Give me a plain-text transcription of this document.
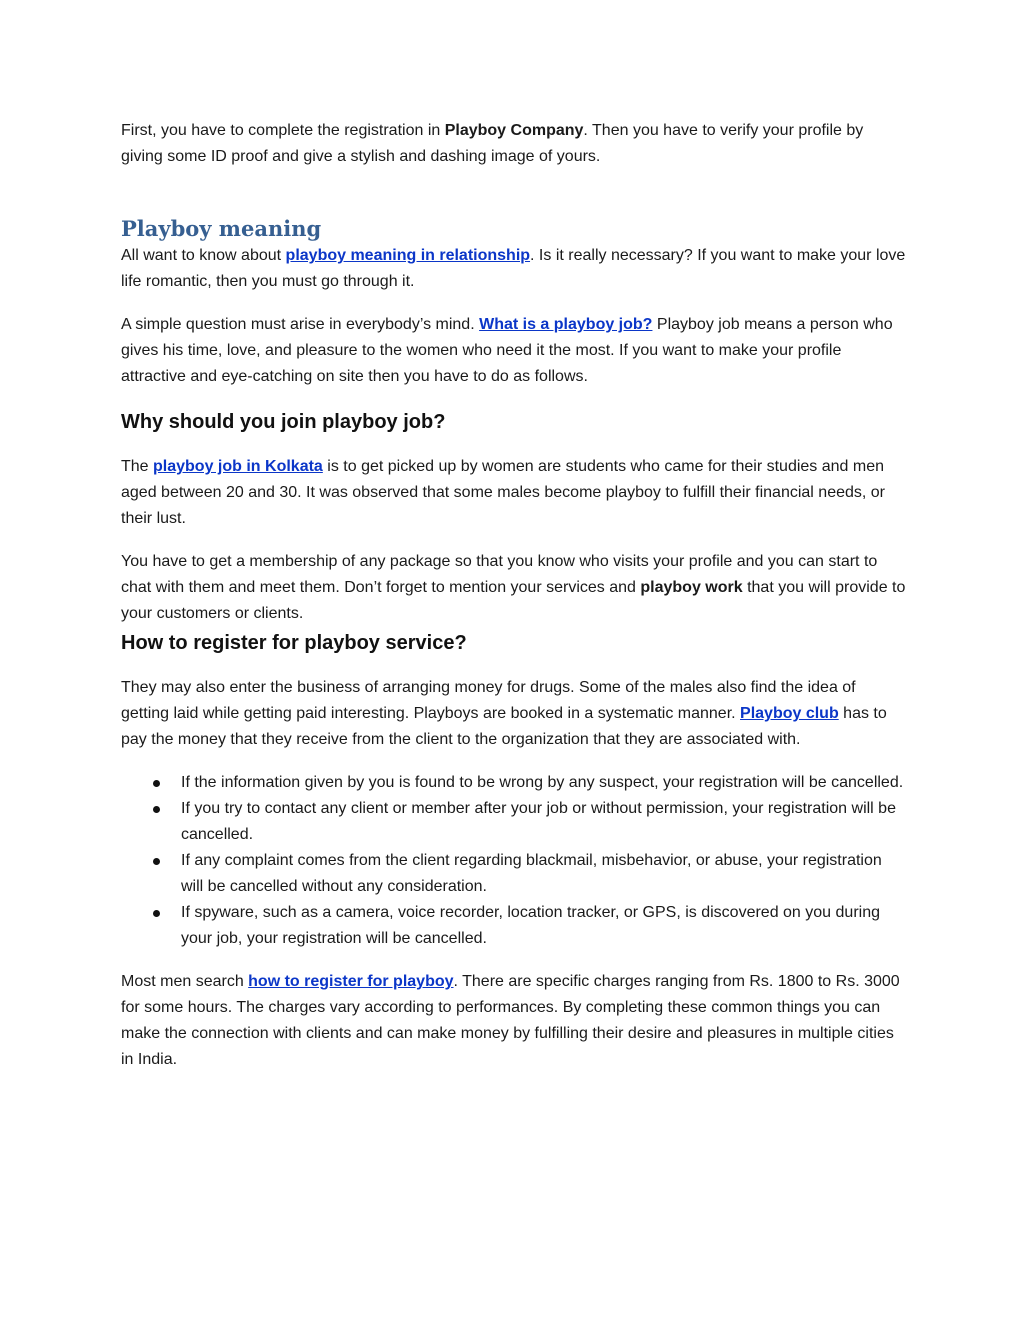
First, you have to complete the registration in Playboy Company. Then you have to verify your profile by giving some ID proof and give a stylish and dashing image of yours.

Playboy meaning

All want to know about playboy meaning in relationship. Is it really necessary? If you want to make your love life romantic, then you must go through it.

A simple question must arise in everybody’s mind. What is a playboy job? Playboy job means a person who gives his time, love, and pleasure to the women who need it the most. If you want to make your profile attractive and eye-catching on site then you have to do as follows.

Why should you join playboy job?

The playboy job in Kolkata is to get picked up by women are students who came for their studies and men aged between 20 and 30. It was observed that some males become playboy to fulfill their financial needs, or their lust.

You have to get a membership of any package so that you know who visits your profile and you can start to chat with them and meet them. Don’t forget to mention your services and playboy work that you will provide to your customers or clients.

How to register for playboy service?

They may also enter the business of arranging money for drugs. Some of the males also find the idea of getting laid while getting paid interesting. Playboys are booked in a systematic manner. Playboy club has to pay the money that they receive from the client to the organization that they are associated with.

If the information given by you is found to be wrong by any suspect, your registration will be cancelled.
If you try to contact any client or member after your job or without permission, your registration will be cancelled.
If any complaint comes from the client regarding blackmail, misbehavior, or abuse, your registration will be cancelled without any consideration.
If spyware, such as a camera, voice recorder, location tracker, or GPS, is discovered on you during your job, your registration will be cancelled.

Most men search how to register for playboy. There are specific charges ranging from Rs. 1800 to Rs. 3000 for some hours. The charges vary according to performances. By completing these common things you can make the connection with clients and can make money by fulfilling their desire and pleasures in multiple cities in India.
